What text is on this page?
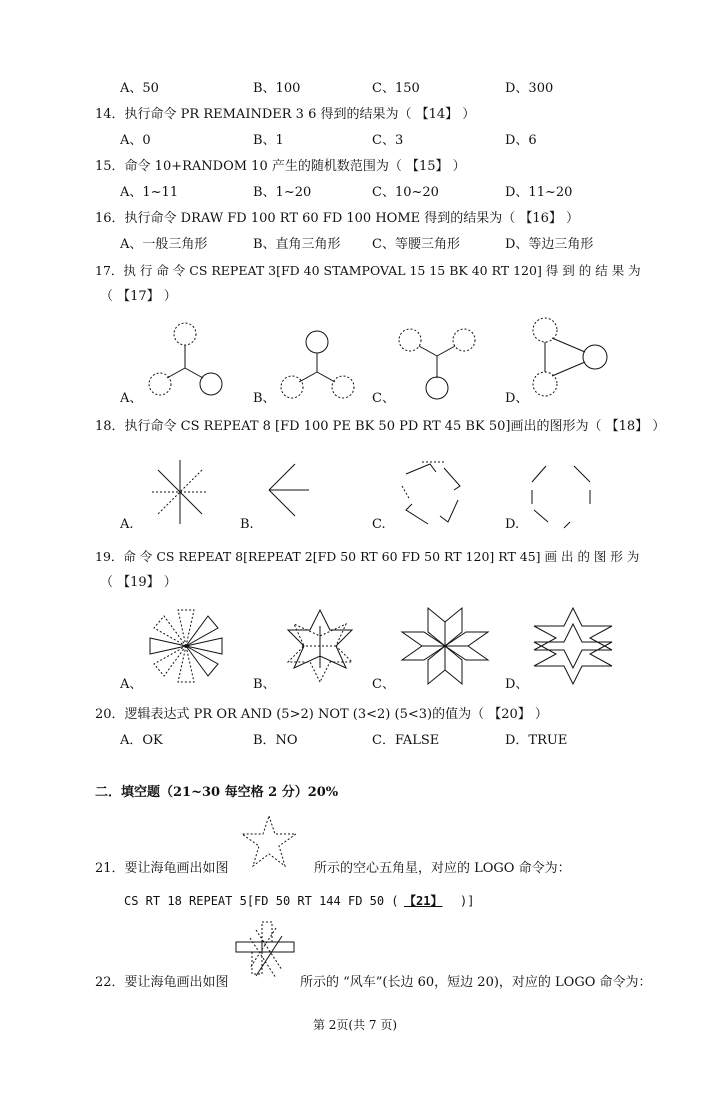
A、50	B、100	C、150	D、300
14．执行命令 PR REMAINDER 3 6 得到的结果为（ 【14】 ）
A、0	B、1	C、3	D、6
15．命令 10+RANDOM 10 产生的随机数范围为（ 【15】 ）
A、1~11	B、1~20	C、10~20	D、11~20
16．执行命令 DRAW FD 100 RT 60 FD 100 HOME 得到的结果为（ 【16】 ）
A、一般三角形	B、直角三角形 C、等腰三角形	D、等边三角形
17．执 行 命 令 CS REPEAT 3[FD 40 STAMPOVAL 15 15 BK 40 RT 120] 得 到 的 结 果 为
（ 【17】 ）
A、	B、	C、	D、
18．执行命令 CS REPEAT 8 [FD 100 PE BK 50 PD RT 45 BK 50]画出的图形为（ 【18】 ）
A.	B.	C.	D.
19．命 令 CS REPEAT 8[REPEAT 2[FD 50 RT 60 FD 50 RT 120] RT 45] 画 出 的 图 形 为
（ 【19】 ）
A、	B、	C、	D、
20．逻辑表达式 PR OR AND (5>2) NOT (3<2) (5<3)的值为（ 【20】 ）
A．OK	B．NO	C．FALSE	D．TRUE
二．填空题（21~30 每空格 2 分）20%
21．要让海龟画出如图	所示的空心五角星，对应的 LOGO 命令为：
CS RT 18 REPEAT 5[FD 50 RT 144 FD 50 ( 【21】 )]
22．要让海龟画出如图	所示的 “风车”(长边 60，短边 20)，对应的 LOGO 命令为：
第 2页(共 7 页)
